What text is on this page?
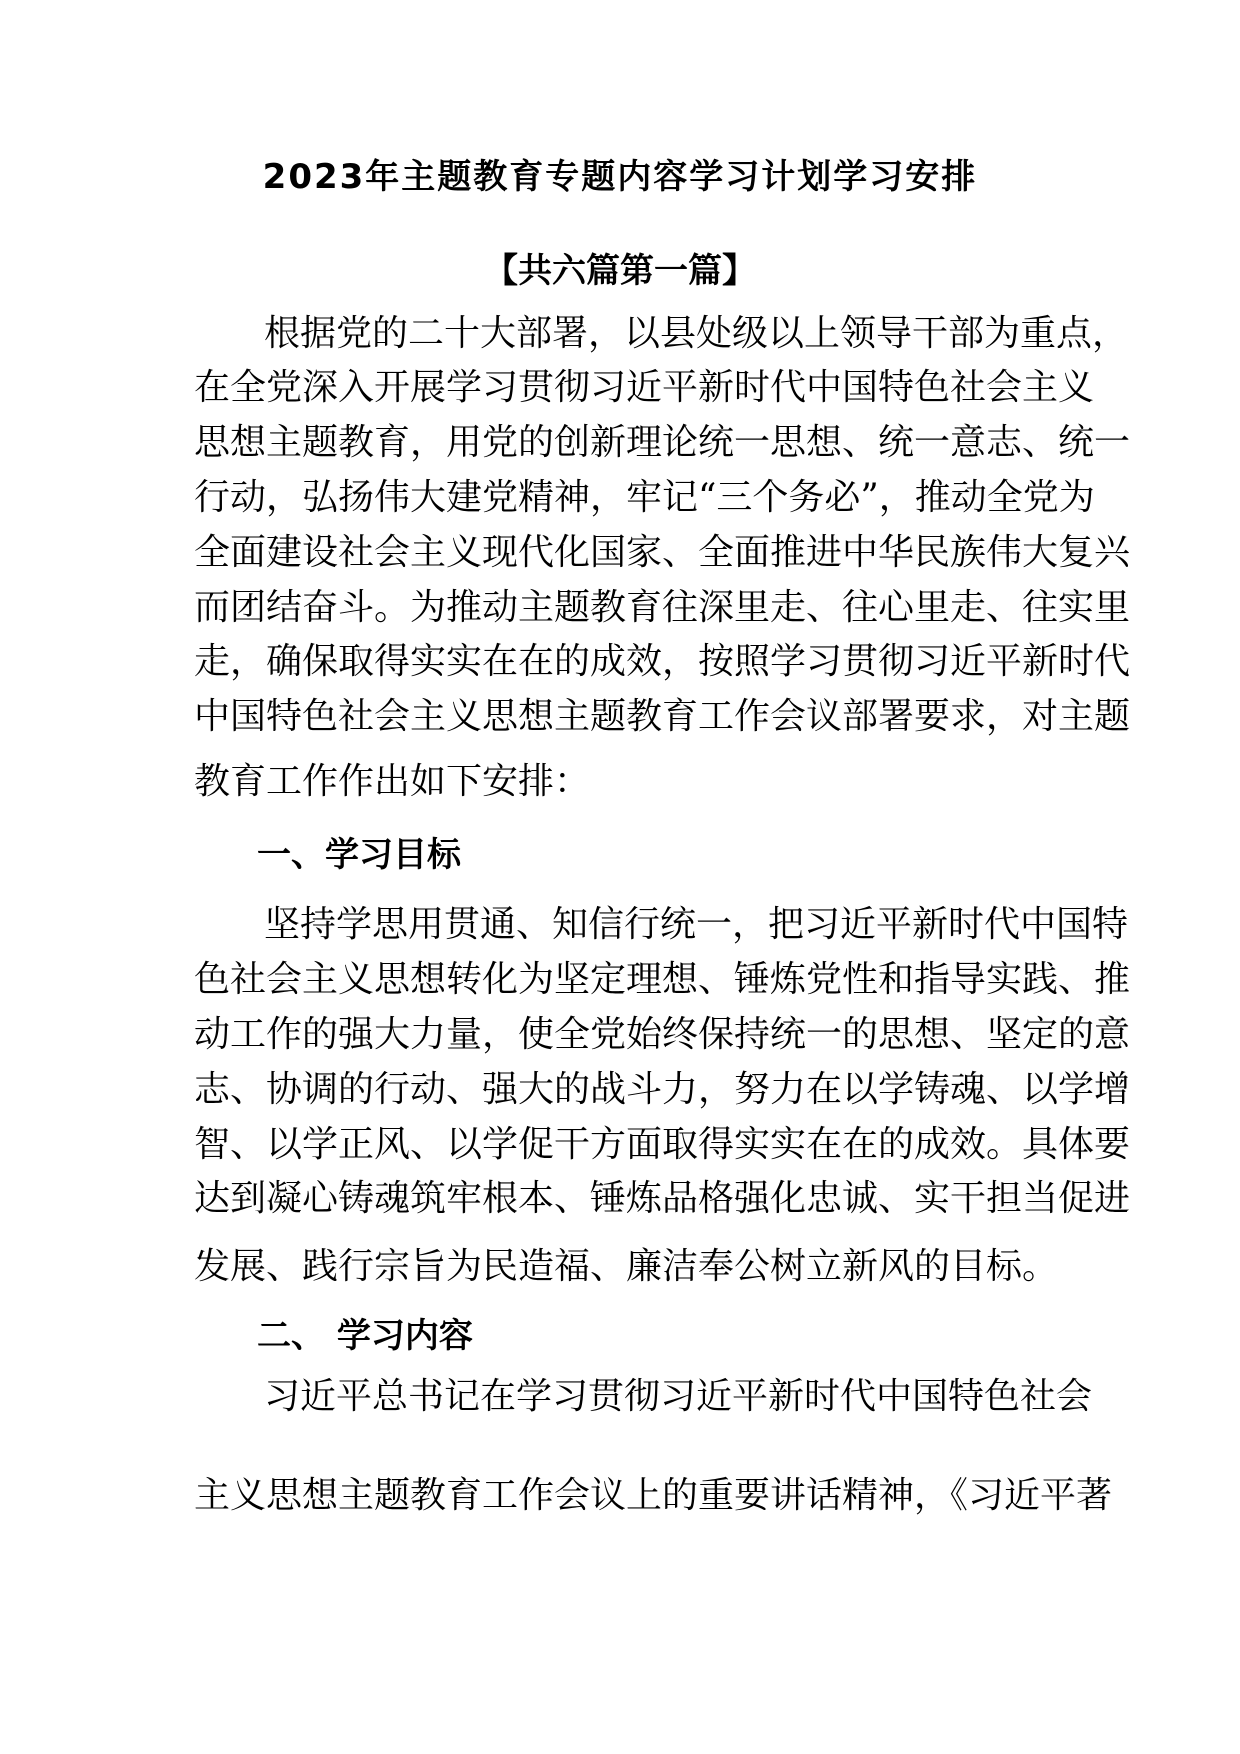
2023年主题教育专题内容学习计划学习安排
【共六篇第一篇】

根据党的二十大部署，以县处级以上领导干部为重点，

在全党深入开展学习贯彻习近平新时代中国特色社会主义

思想主题教育，用党的创新理论统一思想、统一意志、统一

行动，弘扬伟大建党精神，牢记“三个务必”，推动全党为

全面建设社会主义现代化国家、全面推进中华民族伟大复兴

而团结奋斗。为推动主题教育往深里走、往心里走、往实里

走，确保取得实实在在的成效，按照学习贯彻习近平新时代

中国特色社会主义思想主题教育工作会议部署要求，对主题

教育工作作出如下安排：

一、学习目标

坚持学思用贯通、知信行统一，把习近平新时代中国特

色社会主义思想转化为坚定理想、锤炼党性和指导实践、推

动工作的强大力量，使全党始终保持统一的思想、坚定的意

志、协调的行动、强大的战斗力，努力在以学铸魂、以学增

智、以学正风、以学促干方面取得实实在在的成效。具体要

达到凝心铸魂筑牢根本、锤炼品格强化忠诚、实干担当促进

发展、践行宗旨为民造福、廉洁奉公树立新风的目标。

二、 学习内容

习近平总书记在学习贯彻习近平新时代中国特色社会

主义思想主题教育工作会议上的重要讲话精神，《习近平著
